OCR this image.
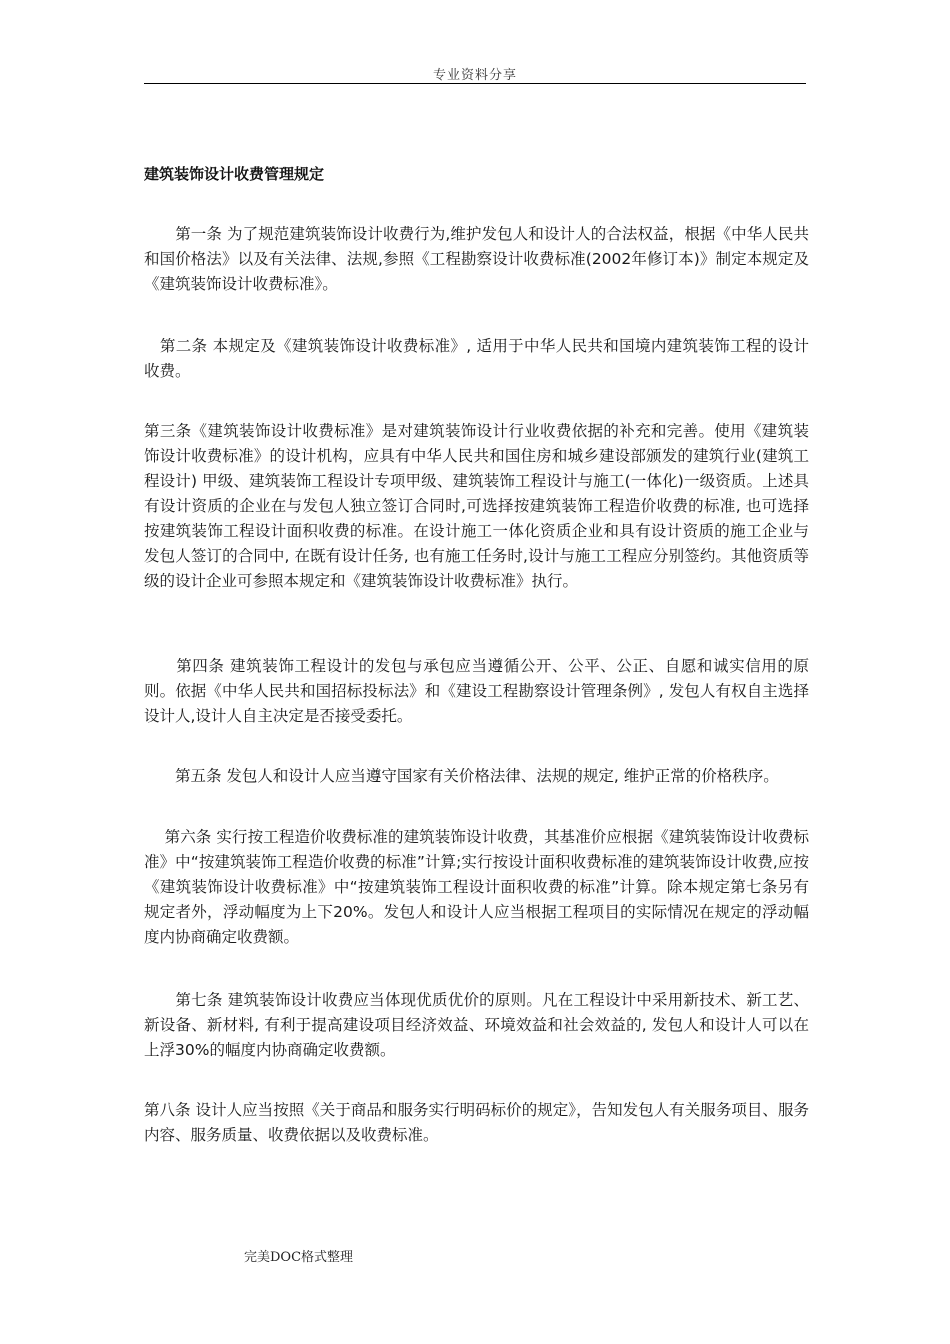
专业资料分享
建筑装饰设计收费管理规定

　　第一条 为了规范建筑装饰设计收费行为,维护发包人和设计人的合法权益，根据《中华人民共和国价格法》以及有关法律、法规,参照《工程勘察设计收费标准(2002年修订本)》制定本规定及《建筑装饰设计收费标准》。

　第二条 本规定及《建筑装饰设计收费标准》, 适用于中华人民共和国境内建筑装饰工程的设计收费。

第三条《建筑装饰设计收费标准》是对建筑装饰设计行业收费依据的补充和完善。使用《建筑装饰设计收费标准》的设计机构，应具有中华人民共和国住房和城乡建设部颁发的建筑行业(建筑工程设计) 甲级、建筑装饰工程设计专项甲级、建筑装饰工程设计与施工(一体化)一级资质。上述具有设计资质的企业在与发包人独立签订合同时,可选择按建筑装饰工程造价收费的标准, 也可选择按建筑装饰工程设计面积收费的标准。在设计施工一体化资质企业和具有设计资质的施工企业与发包人签订的合同中, 在既有设计任务, 也有施工任务时,设计与施工工程应分别签约。其他资质等级的设计企业可参照本规定和《建筑装饰设计收费标准》执行。

　　第四条 建筑装饰工程设计的发包与承包应当遵循公开、公平、公正、自愿和诚实信用的原则。依据《中华人民共和国招标投标法》和《建设工程勘察设计管理条例》, 发包人有权自主选择设计人,设计人自主决定是否接受委托。

　　第五条 发包人和设计人应当遵守国家有关价格法律、法规的规定, 维护正常的价格秩序。

　 第六条 实行按工程造价收费标准的建筑装饰设计收费，其基准价应根据《建筑装饰设计收费标准》中“按建筑装饰工程造价收费的标准”计算;实行按设计面积收费标准的建筑装饰设计收费,应按《建筑装饰设计收费标准》中“按建筑装饰工程设计面积收费的标准”计算。除本规定第七条另有规定者外，浮动幅度为上下20%。发包人和设计人应当根据工程项目的实际情况在规定的浮动幅度内协商确定收费额。

　　第七条 建筑装饰设计收费应当体现优质优价的原则。凡在工程设计中采用新技术、新工艺、新设备、新材料, 有利于提高建设项目经济效益、环境效益和社会效益的, 发包人和设计人可以在上浮30%的幅度内协商确定收费额。

第八条 设计人应当按照《关于商品和服务实行明码标价的规定》，告知发包人有关服务项目、服务内容、服务质量、收费依据以及收费标准。

完美DOC格式整理
